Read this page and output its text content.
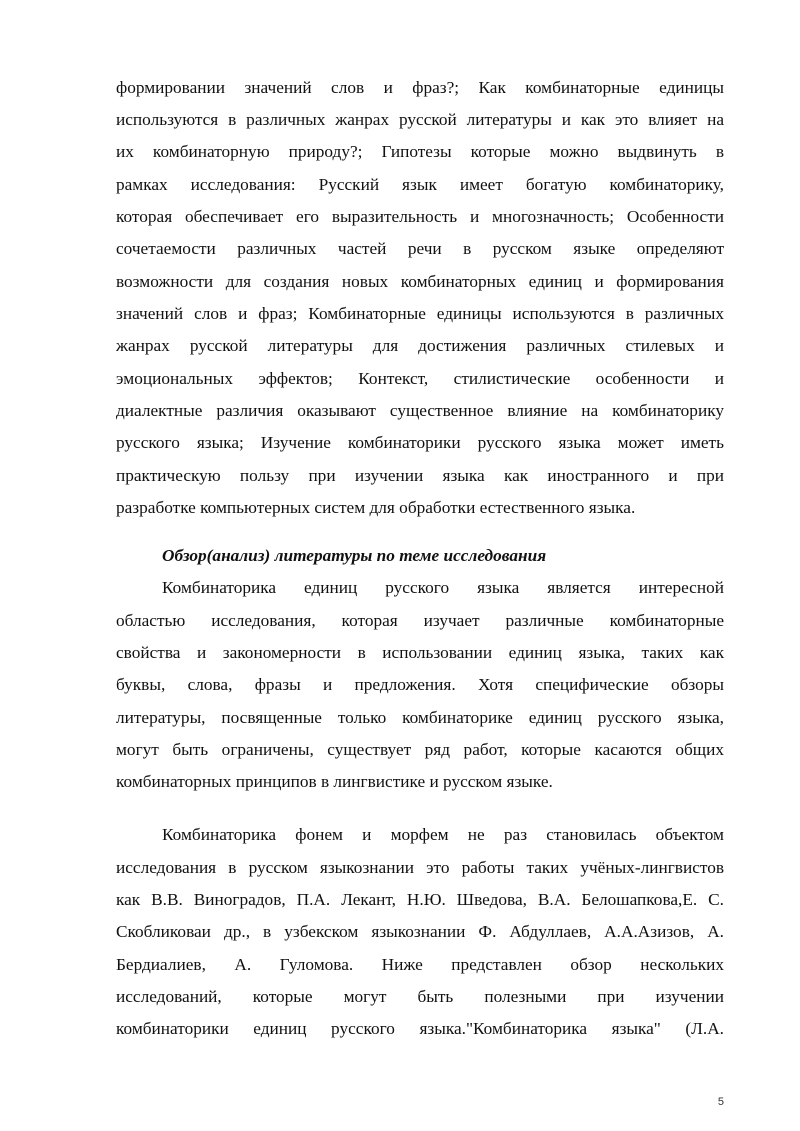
формировании значений слов и фраз?; Как комбинаторные единицы
используются в различных жанрах русской литературы и как это влияет на
их комбинаторную природу?; Гипотезы которые можно выдвинуть в
рамках исследования: Русский язык имеет богатую комбинаторику,
которая обеспечивает его выразительность и многозначность; Особенности
сочетаемости различных частей речи в русском языке определяют
возможности для создания новых комбинаторных единиц и формирования
значений слов и фраз; Комбинаторные единицы используются в различных
жанрах русской литературы для достижения различных стилевых и
эмоциональных эффектов; Контекст, стилистические особенности и
диалектные различия оказывают существенное влияние на комбинаторику
русского языка; Изучение комбинаторики русского языка может иметь
практическую пользу при изучении языка как иностранного и при
разработке компьютерных систем для обработки естественного языка.
Обзор(анализ) литературы по теме исследования
Комбинаторика единиц русского языка является интересной
областью исследования, которая изучает различные комбинаторные
свойства и закономерности в использовании единиц языка, таких как
буквы, слова, фразы и предложения. Хотя специфические обзоры
литературы, посвященные только комбинаторике единиц русского языка,
могут быть ограничены, существует ряд работ, которые касаются общих
комбинаторных принципов в лингвистике и русском языке.
Комбинаторика фонем и морфем не раз становилась объектом
исследования в русском языкознании это работы таких учёных-лингвистов
как В.В. Виноградов, П.А. Лекант, Н.Ю. Шведова, В.А. Белошапкова,Е. С.
Скобликоваи др., в узбекском языкознании Ф. Абдуллаев, А.А.Азизов, А.
Бердиалиев, А. Гуломова. Ниже представлен обзор нескольких
исследований, которые могут быть полезными при изучении
комбинаторики единиц русского языка."Комбинаторика языка" (Л.А.
5
